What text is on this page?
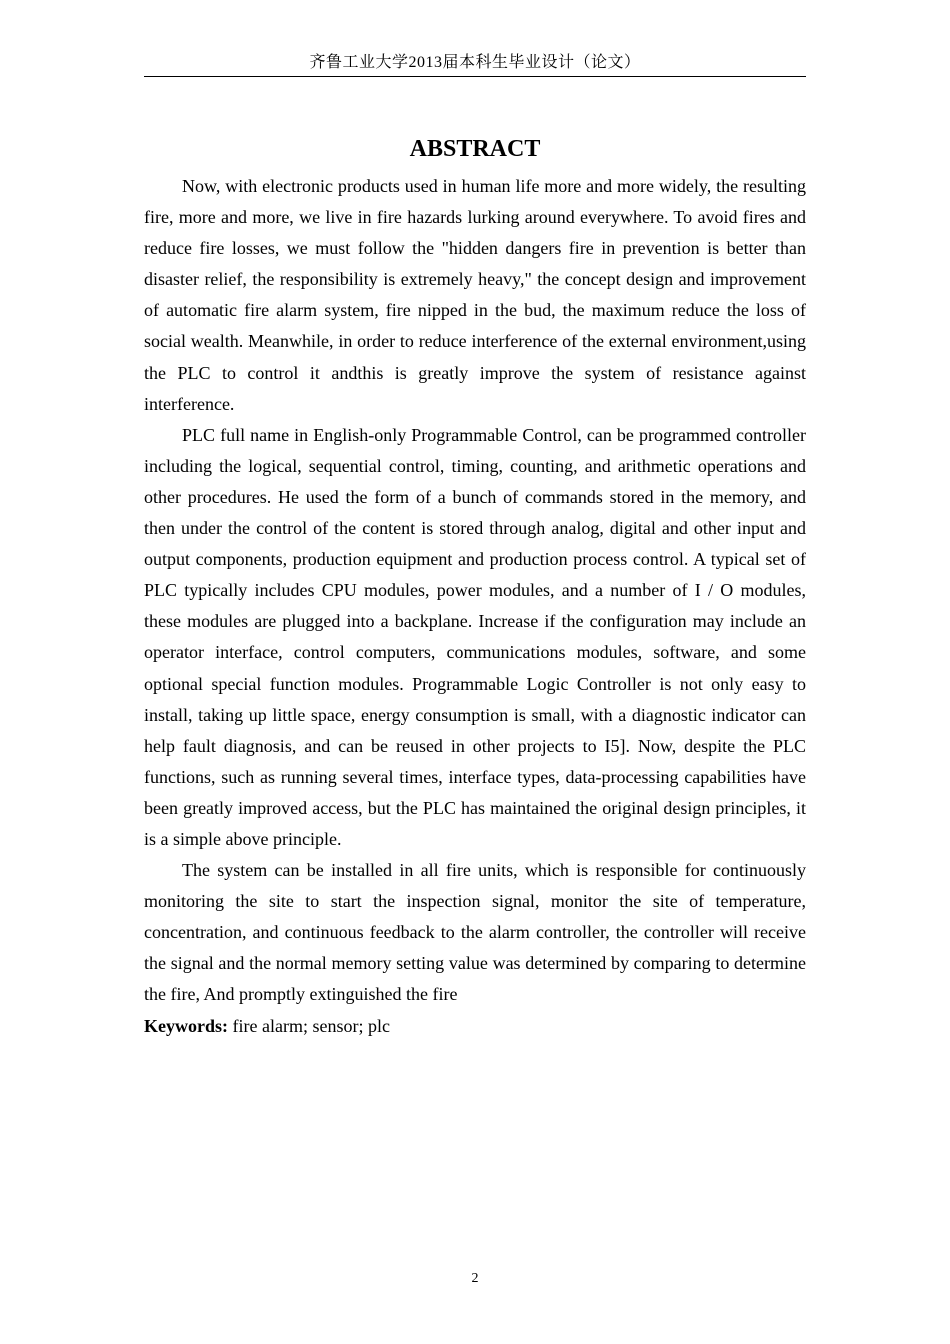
齐鲁工业大学2013届本科生毕业设计（论文）
ABSTRACT

Now, with electronic products used in human life more and more widely, the resulting fire, more and more, we live in fire hazards lurking around everywhere. To avoid fires and reduce fire losses, we must follow the "hidden dangers fire in prevention is better than disaster relief, the responsibility is extremely heavy," the concept design and improvement of automatic fire alarm system, fire nipped in the bud, the maximum reduce the loss of social wealth. Meanwhile, in order to reduce interference of the external environment,using the PLC to control it andthis is greatly improve the system of resistance against interference.

PLC full name in English-only Programmable Control, can be programmed controller including the logical, sequential control, timing, counting, and arithmetic operations and other procedures. He used the form of a bunch of commands stored in the memory, and then under the control of the content is stored through analog, digital and other input and output components, production equipment and production process control. A typical set of PLC typically includes CPU modules, power modules, and a number of I / O modules, these modules are plugged into a backplane. Increase if the configuration may include an operator interface, control computers, communications modules, software, and some optional special function modules. Programmable Logic Controller is not only easy to install, taking up little space, energy consumption is small, with a diagnostic indicator can help fault diagnosis, and can be reused in other projects to I5]. Now, despite the PLC functions, such as running several times, interface types, data-processing capabilities have been greatly improved access, but the PLC has maintained the original design principles, it is a simple above principle.

The system can be installed in all fire units, which is responsible for continuously monitoring the site to start the inspection signal, monitor the site of temperature, concentration, and continuous feedback to the alarm controller, the controller will receive the signal and the normal memory setting value was determined by comparing to determine the fire, And promptly extinguished the fire

Keywords: fire alarm; sensor; plc

2
